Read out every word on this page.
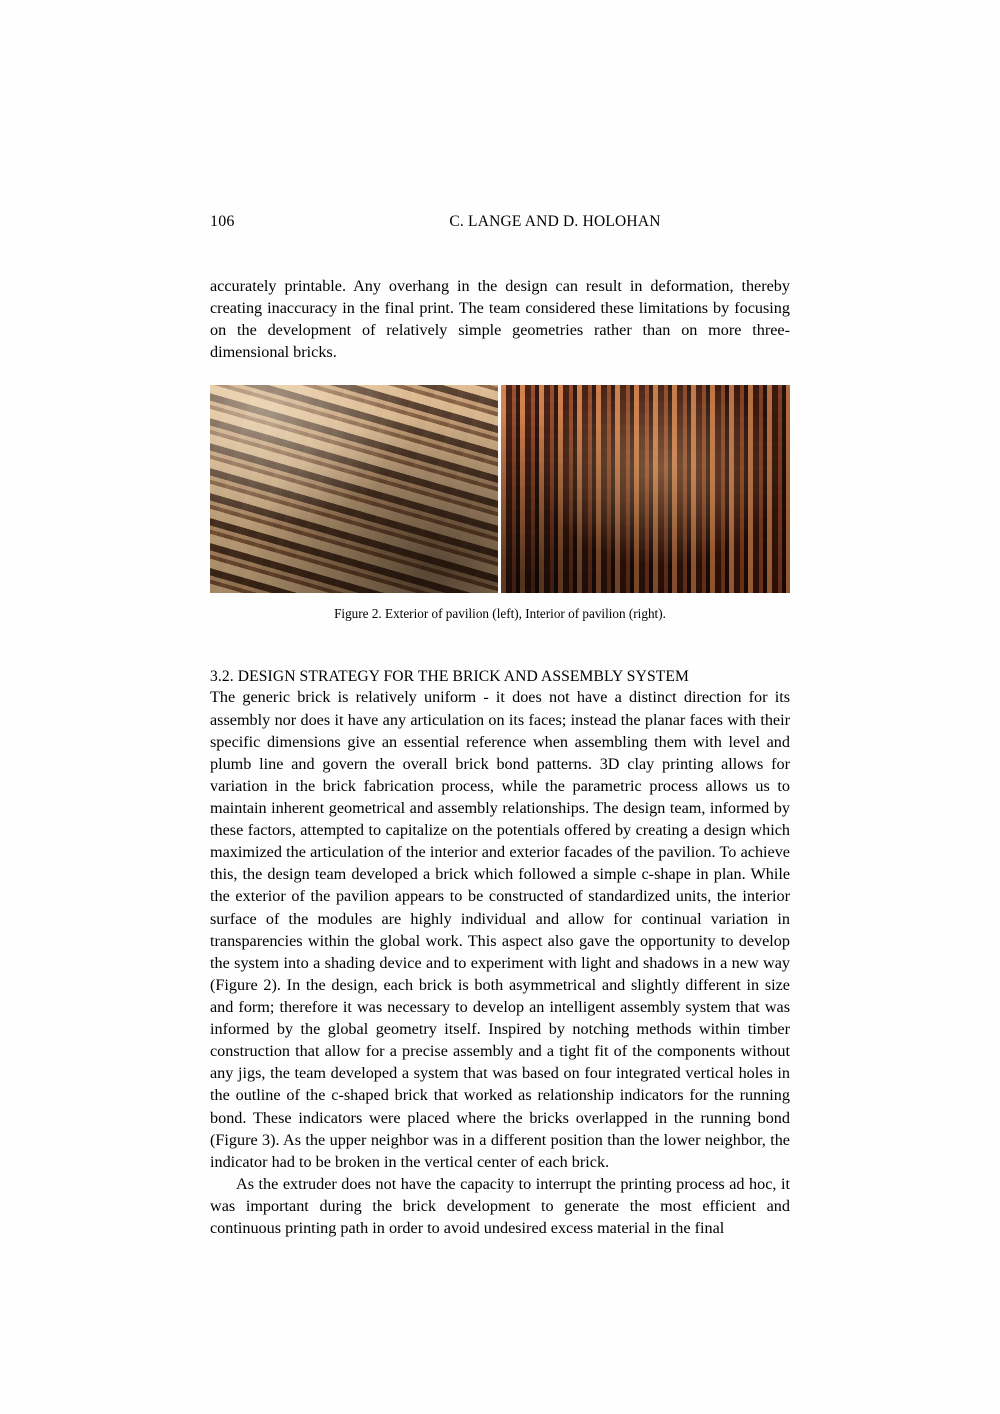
106	C. LANGE AND D. HOLOHAN

accurately printable. Any overhang in the design can result in deformation, thereby creating inaccuracy in the final print. The team considered these limitations by focusing on the development of relatively simple geometries rather than on more three-dimensional bricks.

Figure 2. Exterior of pavilion (left), Interior of pavilion (right).
3.2. DESIGN STRATEGY FOR THE BRICK AND ASSEMBLY SYSTEM

The generic brick is relatively uniform - it does not have a distinct direction for its assembly nor does it have any articulation on its faces; instead the planar faces with their specific dimensions give an essential reference when assembling them with level and plumb line and govern the overall brick bond patterns. 3D clay printing allows for variation in the brick fabrication process, while the parametric process allows us to maintain inherent geometrical and assembly relationships. The design team, informed by these factors, attempted to capitalize on the potentials offered by creating a design which maximized the articulation of the interior and exterior facades of the pavilion. To achieve this, the design team developed a brick which followed a simple c-shape in plan. While the exterior of the pavilion appears to be constructed of standardized units, the interior surface of the modules are highly individual and allow for continual variation in transparencies within the global work. This aspect also gave the opportunity to develop the system into a shading device and to experiment with light and shadows in a new way (Figure 2). In the design, each brick is both asymmetrical and slightly different in size and form; therefore it was necessary to develop an intelligent assembly system that was informed by the global geometry itself. Inspired by notching methods within timber construction that allow for a precise assembly and a tight fit of the components without any jigs, the team developed a system that was based on four integrated vertical holes in the outline of the c-shaped brick that worked as relationship indicators for the running bond. These indicators were placed where the bricks overlapped in the running bond (Figure 3). As the upper neighbor was in a different position than the lower neighbor, the indicator had to be broken in the vertical center of each brick.

As the extruder does not have the capacity to interrupt the printing process ad hoc, it was important during the brick development to generate the most efficient and continuous printing path in order to avoid undesired excess material in the final
